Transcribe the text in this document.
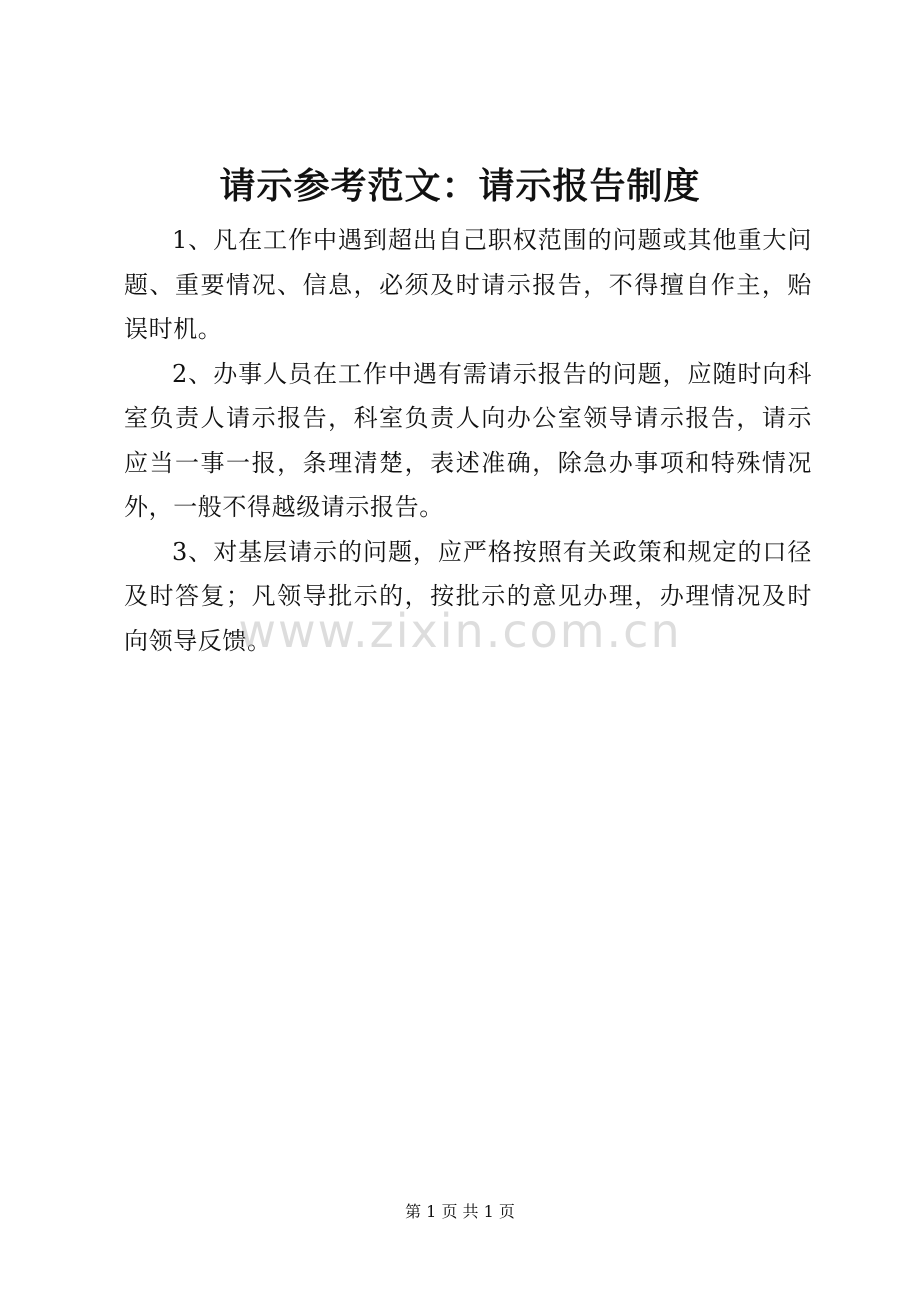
请示参考范文：请示报告制度

1、凡在工作中遇到超出自己职权范围的问题或其他重大问题、重要情况、信息，必须及时请示报告，不得擅自作主，贻误时机。

2、办事人员在工作中遇有需请示报告的问题，应随时向科室负责人请示报告，科室负责人向办公室领导请示报告，请示应当一事一报，条理清楚，表述准确，除急办事项和特殊情况外，一般不得越级请示报告。

3、对基层请示的问题，应严格按照有关政策和规定的口径及时答复；凡领导批示的，按批示的意见办理，办理情况及时向领导反馈。

www.zixin.com.cn
第 1 页 共 1 页
